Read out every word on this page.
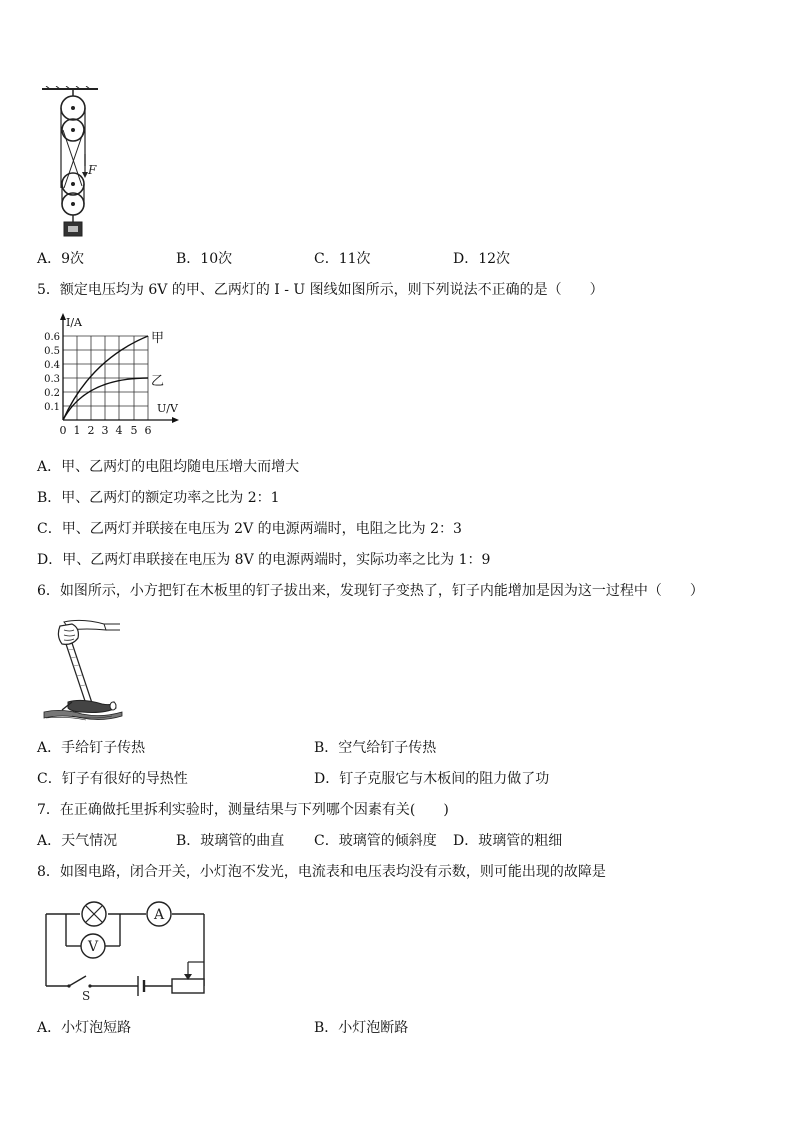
F
A．9次	B．10次	C．11次	D．12次
5．额定电压均为 6V 的甲、乙两灯的 I - U 图线如图所示，则下列说法不正确的是（　　）
I/A
U/V
甲
乙
0.6
0.5
0.4
0.3
0.2
0.1
0 1 2 3 4 5 6
A．甲、乙两灯的电阻均随电压增大而增大
B．甲、乙两灯的额定功率之比为 2：1
C．甲、乙两灯并联接在电压为 2V 的电源两端时，电阻之比为 2：3
D．甲、乙两灯串联接在电压为 8V 的电源两端时，实际功率之比为 1：9
6．如图所示，小方把钉在木板里的钉子拔出来，发现钉子变热了，钉子内能增加是因为这一过程中（　　）
A．手给钉子传热	B．空气给钉子传热
C．钉子有很好的导热性	D．钉子克服它与木板间的阻力做了功
7．在正确做托里拆利实验时，测量结果与下列哪个因素有关(　　)
A．天气情况	B．玻璃管的曲直 C．玻璃管的倾斜度 D．玻璃管的粗细
8．如图电路，闭合开关，小灯泡不发光，电流表和电压表均没有示数，则可能出现的故障是
A
V
S
A．小灯泡短路	B．小灯泡断路
